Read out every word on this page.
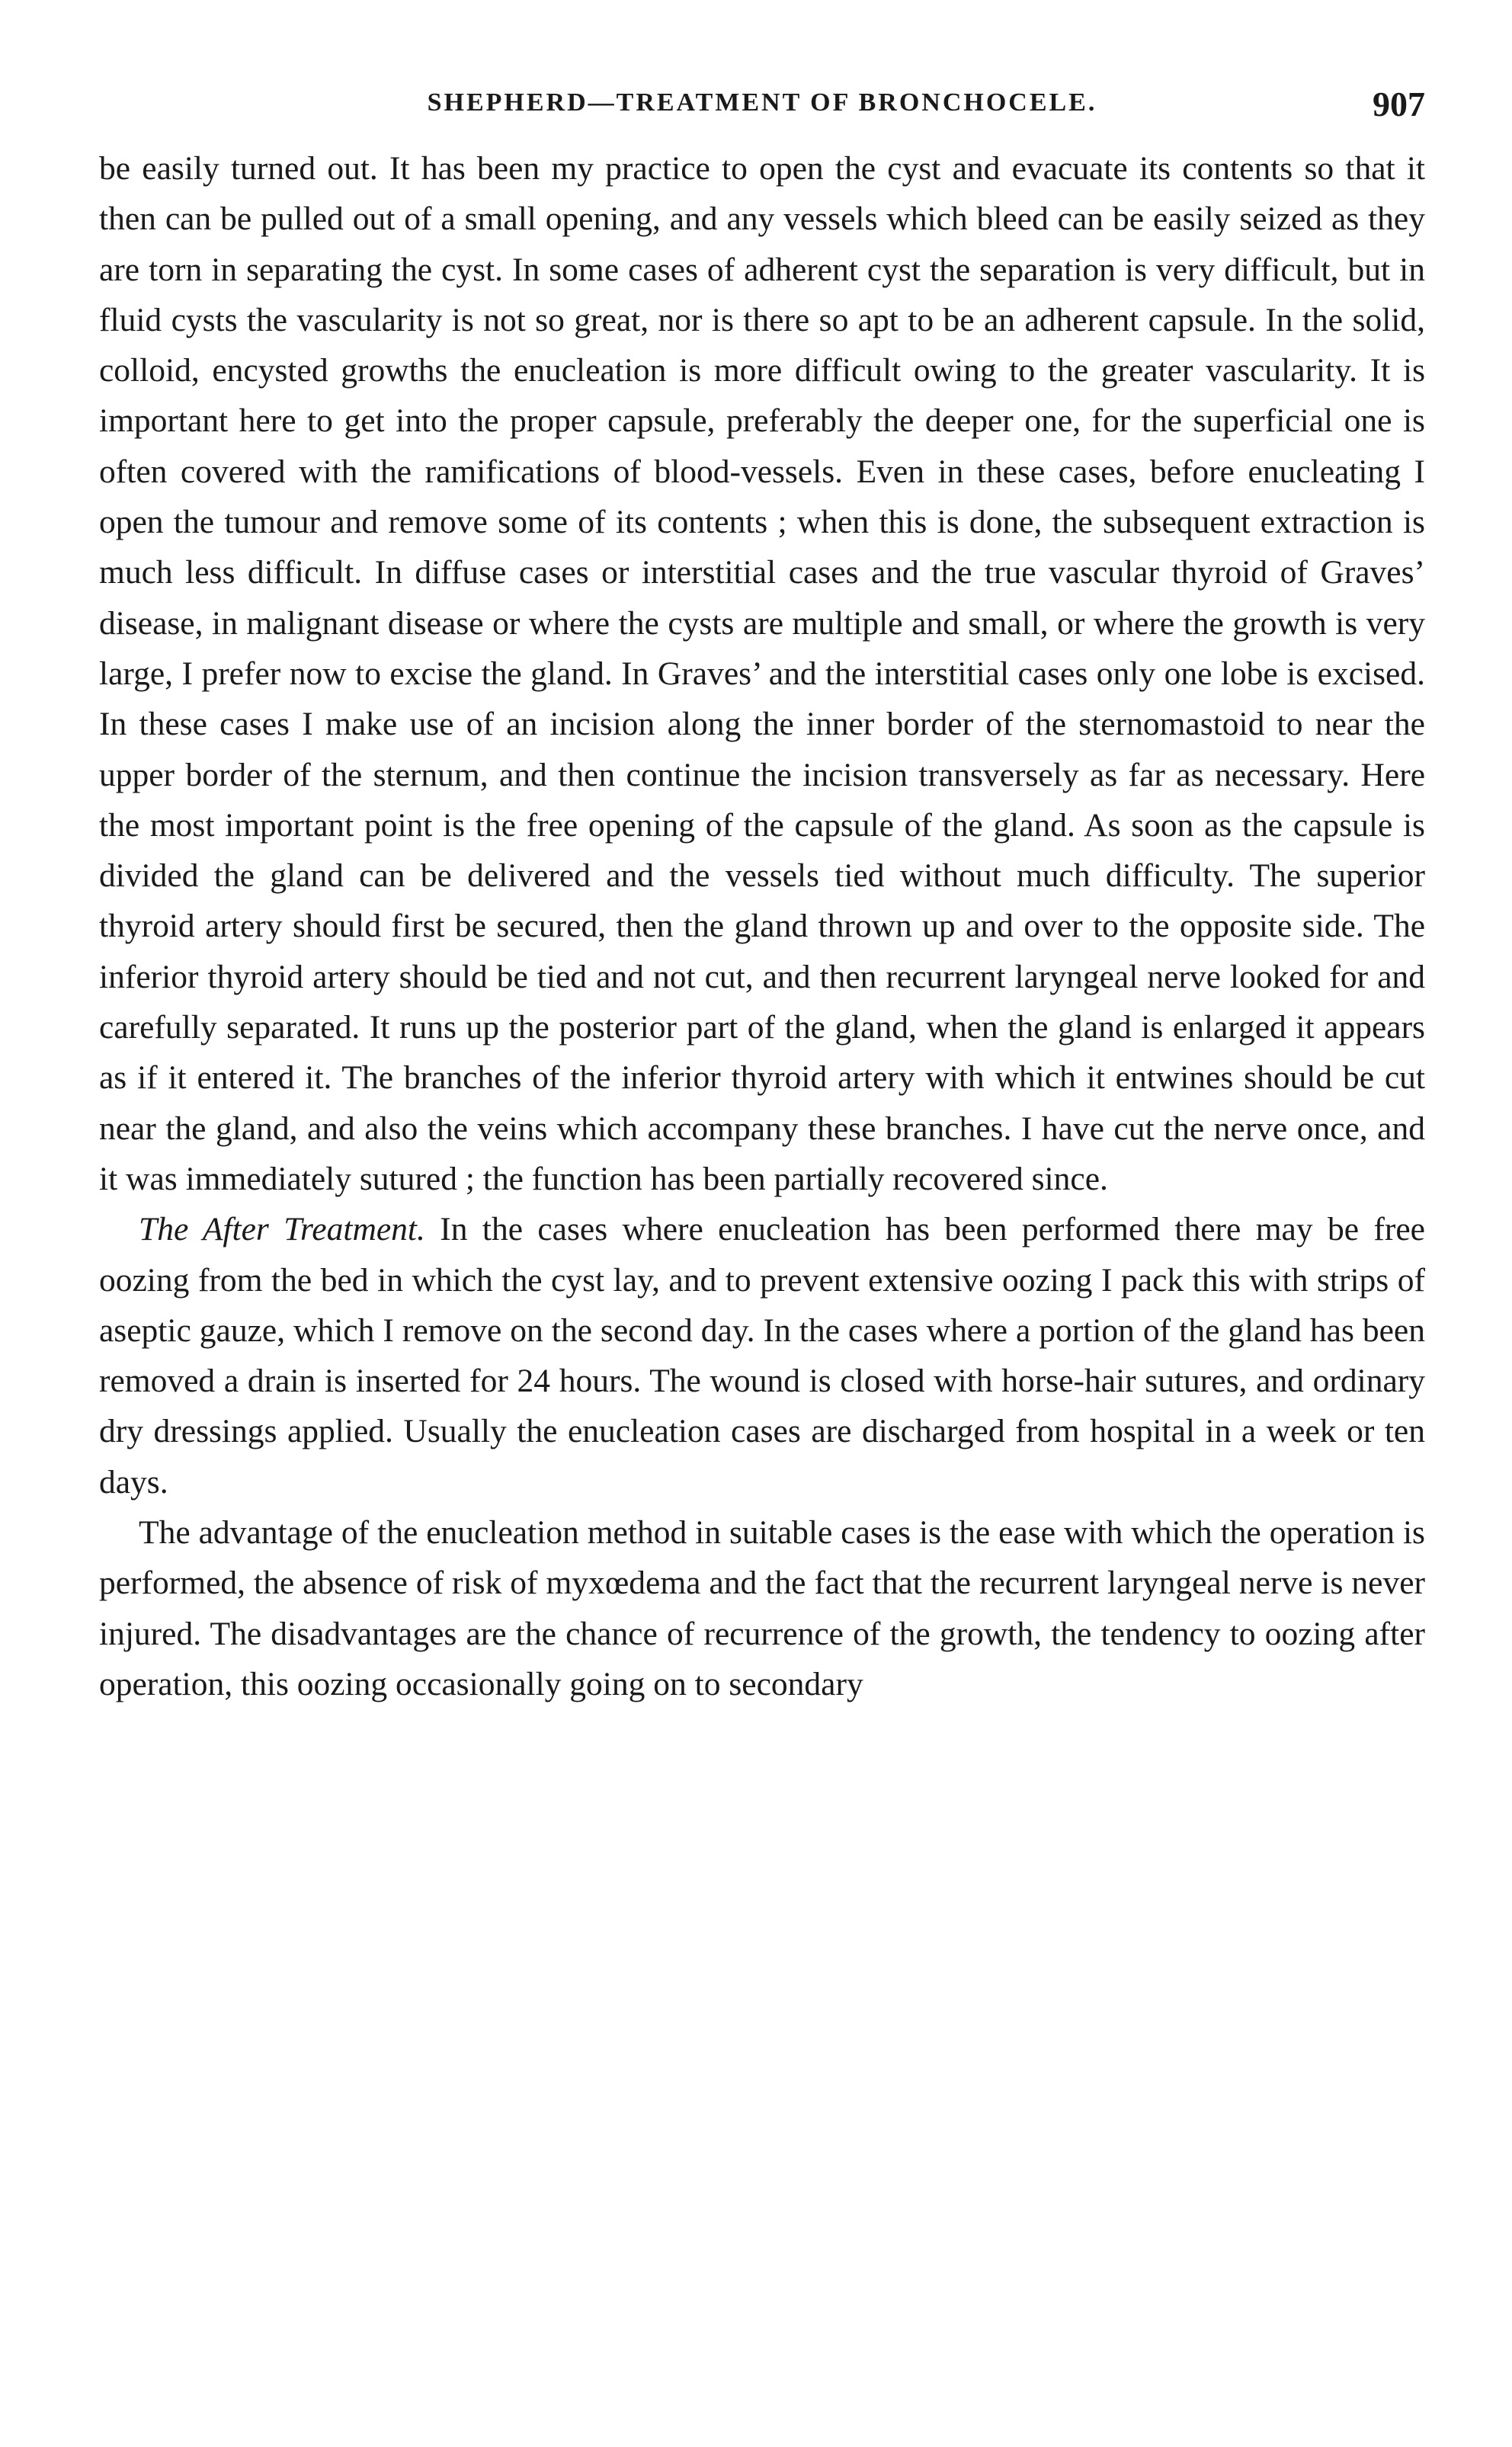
SHEPHERD—TREATMENT OF BRONCHOCELE.	907

be easily turned out. It has been my practice to open the cyst and evacuate its contents so that it then can be pulled out of a small opening, and any vessels which bleed can be easily seized as they are torn in separating the cyst. In some cases of adherent cyst the separation is very difficult, but in fluid cysts the vascularity is not so great, nor is there so apt to be an adherent capsule. In the solid, colloid, encysted growths the enucleation is more difficult owing to the greater vascularity. It is important here to get into the proper capsule, preferably the deeper one, for the superficial one is often covered with the ramifications of blood-vessels. Even in these cases, before enucleating I open the tumour and remove some of its contents ; when this is done, the subsequent extraction is much less difficult. In diffuse cases or interstitial cases and the true vascular thyroid of Graves’ disease, in malignant disease or where the cysts are multiple and small, or where the growth is very large, I prefer now to excise the gland. In Graves’ and the interstitial cases only one lobe is excised. In these cases I make use of an incision along the inner border of the sternomastoid to near the upper border of the sternum, and then continue the incision transversely as far as necessary. Here the most important point is the free opening of the capsule of the gland. As soon as the capsule is divided the gland can be delivered and the vessels tied without much difficulty. The superior thyroid artery should first be secured, then the gland thrown up and over to the opposite side. The inferior thyroid artery should be tied and not cut, and then recurrent laryngeal nerve looked for and carefully separated. It runs up the posterior part of the gland, when the gland is enlarged it appears as if it entered it. The branches of the inferior thyroid artery with which it entwines should be cut near the gland, and also the veins which accompany these branches. I have cut the nerve once, and it was immediately sutured ; the function has been partially recovered since.

The After Treatment. In the cases where enucleation has been performed there may be free oozing from the bed in which the cyst lay, and to prevent extensive oozing I pack this with strips of aseptic gauze, which I remove on the second day. In the cases where a portion of the gland has been removed a drain is inserted for 24 hours. The wound is closed with horse-hair sutures, and ordinary dry dressings applied. Usually the enucleation cases are discharged from hospital in a week or ten days.

The advantage of the enucleation method in suitable cases is the ease with which the operation is performed, the absence of risk of myxœdema and the fact that the recurrent laryngeal nerve is never injured. The disadvantages are the chance of recurrence of the growth, the tendency to oozing after operation, this oozing occasionally going on to secondary
